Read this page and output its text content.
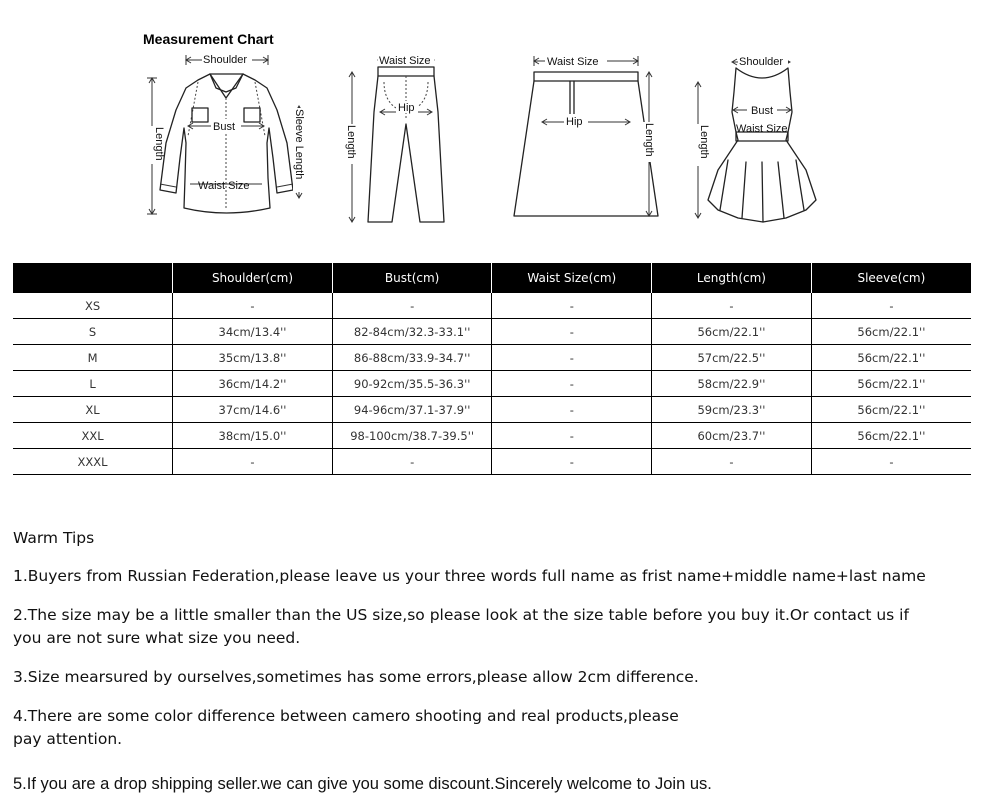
Measurement Chart
Shoulder
Bust
Waist Size
Length	Sleeve Length
Waist Size
Hip
Length
Waist Size
Hip
Length
Shoulder
Bust
Waist Size
Length
	Shoulder(cm)	Bust(cm)	Waist Size(cm)	Length(cm)	Sleeve(cm)
XS	-	-	-	-	-
S	34cm/13.4''	82-84cm/32.3-33.1''	-	56cm/22.1''	56cm/22.1''
M	35cm/13.8''	86-88cm/33.9-34.7''	-	57cm/22.5''	56cm/22.1''
L	36cm/14.2''	90-92cm/35.5-36.3''	-	58cm/22.9''	56cm/22.1''
XL	37cm/14.6''	94-96cm/37.1-37.9''	-	59cm/23.3''	56cm/22.1''
XXL	38cm/15.0''	98-100cm/38.7-39.5''	-	60cm/23.7''	56cm/22.1''
XXXL	-	-	-	-	-

Warm Tips

1.Buyers from Russian Federation,please leave us your three words full name as frist name+middle name+last name

2.The size may be a little smaller than the US size,so please look at the size table before you buy it.Or contact us if

you are not sure what size you need.

3.Size mearsured by ourselves,sometimes has some errors,please allow 2cm difference.

4.There are some color difference between camero shooting and real products,please

pay attention.

5.If you are a drop shipping seller.we can give you some discount.Sincerely welcome to Join us.
